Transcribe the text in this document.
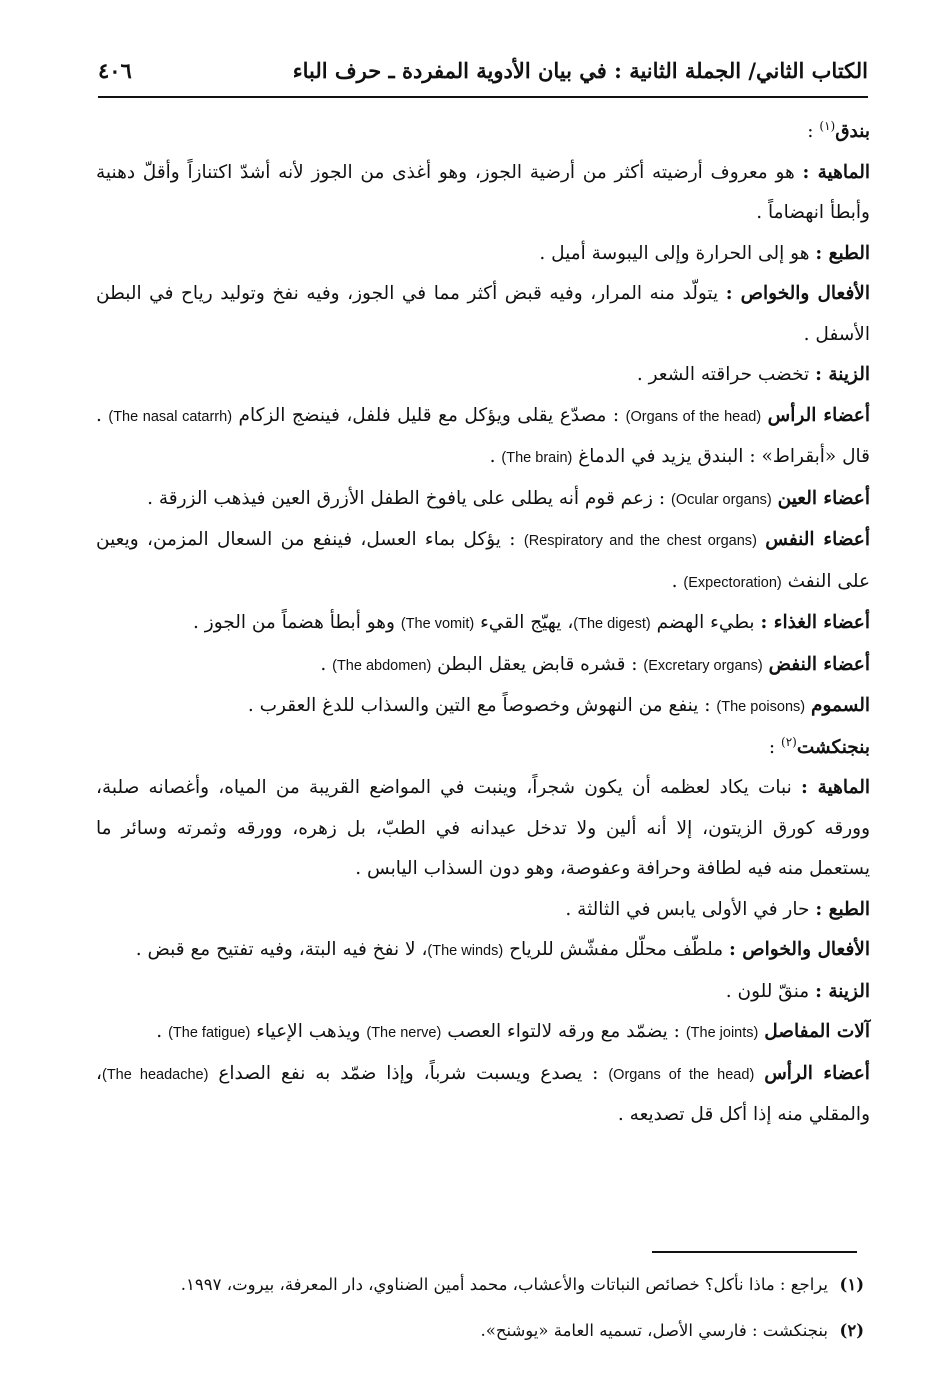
الكتاب الثاني/ الجملة الثانية : في بيان الأدوية المفردة ـ حرف الباء
٤٠٦

بندق$^{(١)}$ :

الماهية : هو معروف أرضيته أكثر من أرضية الجوز، وهو أغذى من الجوز لأنه أشدّ اكتنازاً وأقلّ دهنية وأبطأ انهضاماً .

الطبع : هو إلى الحرارة وإلى اليبوسة أميل .

الأفعال والخواص : يتولّد منه المرار، وفيه قبض أكثر مما في الجوز، وفيه نفخ وتوليد رياح في البطن الأسفل .

الزينة : تخضب حراقته الشعر .

أعضاء الرأس (Organs of the head) : مصدّع يقلى ويؤكل مع قليل فلفل، فينضج الزكام (The nasal catarrh) . قال «أبقراط» : البندق يزيد في الدماغ (The brain) .

أعضاء العين (Ocular organs) : زعم قوم أنه يطلى على يافوخ الطفل الأزرق العين فيذهب الزرقة .

أعضاء النفس (Respiratory and the chest organs) : يؤكل بماء العسل، فينفع من السعال المزمن، ويعين على النفث (Expectoration) .

أعضاء الغذاء : بطيء الهضم (The digest)، يهيّج القيء (The vomit) وهو أبطأ هضماً من الجوز .

أعضاء النفض (Excretary organs) : قشره قابض يعقل البطن (The abdomen) .

السموم (The poisons) : ينفع من النهوش وخصوصاً مع التين والسذاب للدغ العقرب .

بنجنكشت$^{(٢)}$ :

الماهية : نبات يكاد لعظمه أن يكون شجراً، وينبت في المواضع القريبة من المياه، وأغصانه صلبة، وورقه كورق الزيتون، إلا أنه ألين ولا تدخل عيدانه في الطبّ، بل زهره، وورقه وثمرته وسائر ما يستعمل منه فيه لطافة وحرافة وعفوصة، وهو دون السذاب اليابس .

الطبع : حار في الأولى يابس في الثالثة .

الأفعال والخواص : ملطّف محلّل مفشّش للرياح (The winds)، لا نفخ فيه البتة، وفيه تفتيح مع قبض .

الزينة : منقّ للون .

آلات المفاصل (The joints) : يضمّد مع ورقه لالتواء العصب (The nerve) ويذهب الإعياء (The fatigue) .

أعضاء الرأس (Organs of the head) : يصدع ويسبت شرباً، وإذا ضمّد به نفع الصداع (The headache)، والمقلي منه إذا أكل قل تصديعه .

(١)يراجع : ماذا نأكل؟ خصائص النباتات والأعشاب، محمد أمين الضناوي، دار المعرفة، بيروت، ١٩٩٧.

(٢)بنجنكشت : فارسي الأصل، تسميه العامة «يوشنح».
